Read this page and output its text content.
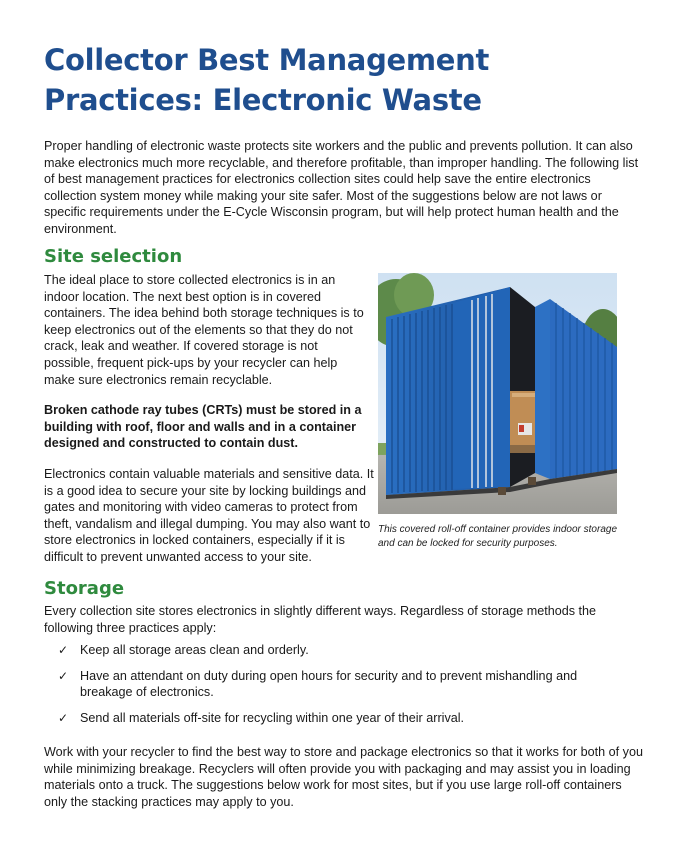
Collector Best Management Practices: Electronic Waste

Proper handling of electronic waste protects site workers and the public and prevents pollution. It can also make electronics much more recyclable, and therefore profitable, than improper handling. The following list of best management practices for electronics collection sites could help save the entire electronics collection system money while making your site safer. Most of the suggestions below are not laws or specific requirements under the E-Cycle Wisconsin program, but will help protect human health and the environment.

Site selection

The ideal place to store collected electronics is in an indoor location. The next best option is in covered containers. The idea behind both storage techniques is to keep electronics out of the elements so that they do not crack, leak and weather. If covered storage is not possible, frequent pick-ups by your recycler can help make sure electronics remain recyclable.

Broken cathode ray tubes (CRTs) must be stored in a building with roof, floor and walls and in a container designed and constructed to contain dust.

Electronics contain valuable materials and sensitive data. It is a good idea to secure your site by locking buildings and gates and monitoring with video cameras to protect from theft, vandalism and illegal dumping. You may also want to store electronics in locked containers, especially if it is difficult to prevent unwanted access to your site.

This covered roll-off container provides indoor storage and can be locked for security purposes.

Storage

Every collection site stores electronics in slightly different ways. Regardless of storage methods the following three practices apply:

✓ Keep all storage areas clean and orderly.
✓ Have an attendant on duty during open hours for security and to prevent mishandling and breakage of electronics.
✓ Send all materials off-site for recycling within one year of their arrival.

Work with your recycler to find the best way to store and package electronics so that it works for both of you while minimizing breakage. Recyclers will often provide you with packaging and may assist you in loading materials onto a truck. The suggestions below work for most sites, but if you use large roll-off containers only the stacking practices may apply to you.
